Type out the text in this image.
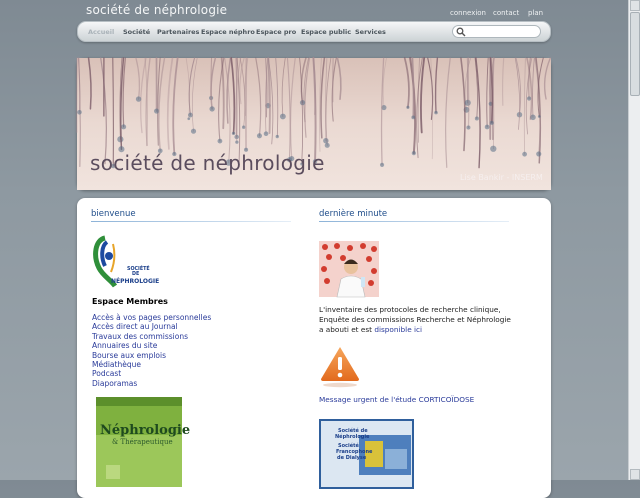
société de néphrologie	connexion contact plan
Accueil Société Partenaires Espace néphro Espace pro Espace public Services
société de néphrologie
Lise Bankir - INSERM
bienvenue
SOCIÉTÉ
DE
NÉPHROLOGIE
Espace Membres
Accès à vos pages personnelles
Accès direct au Journal
Travaux des commissions
Annuaires du site
Bourse aux emplois
Médiathèque
Podcast
Diaporamas
Néphrologie
& Thérapeutique
dernière minute
L'inventaire des protocoles de recherche clinique,
Enquête des commissions Recherche et Néphrologie
a abouti et est disponible ici
Message urgent de l'étude CORTICOÏDOSE
Société de
Néphrologie
Société
Francophone
de Dialyse
